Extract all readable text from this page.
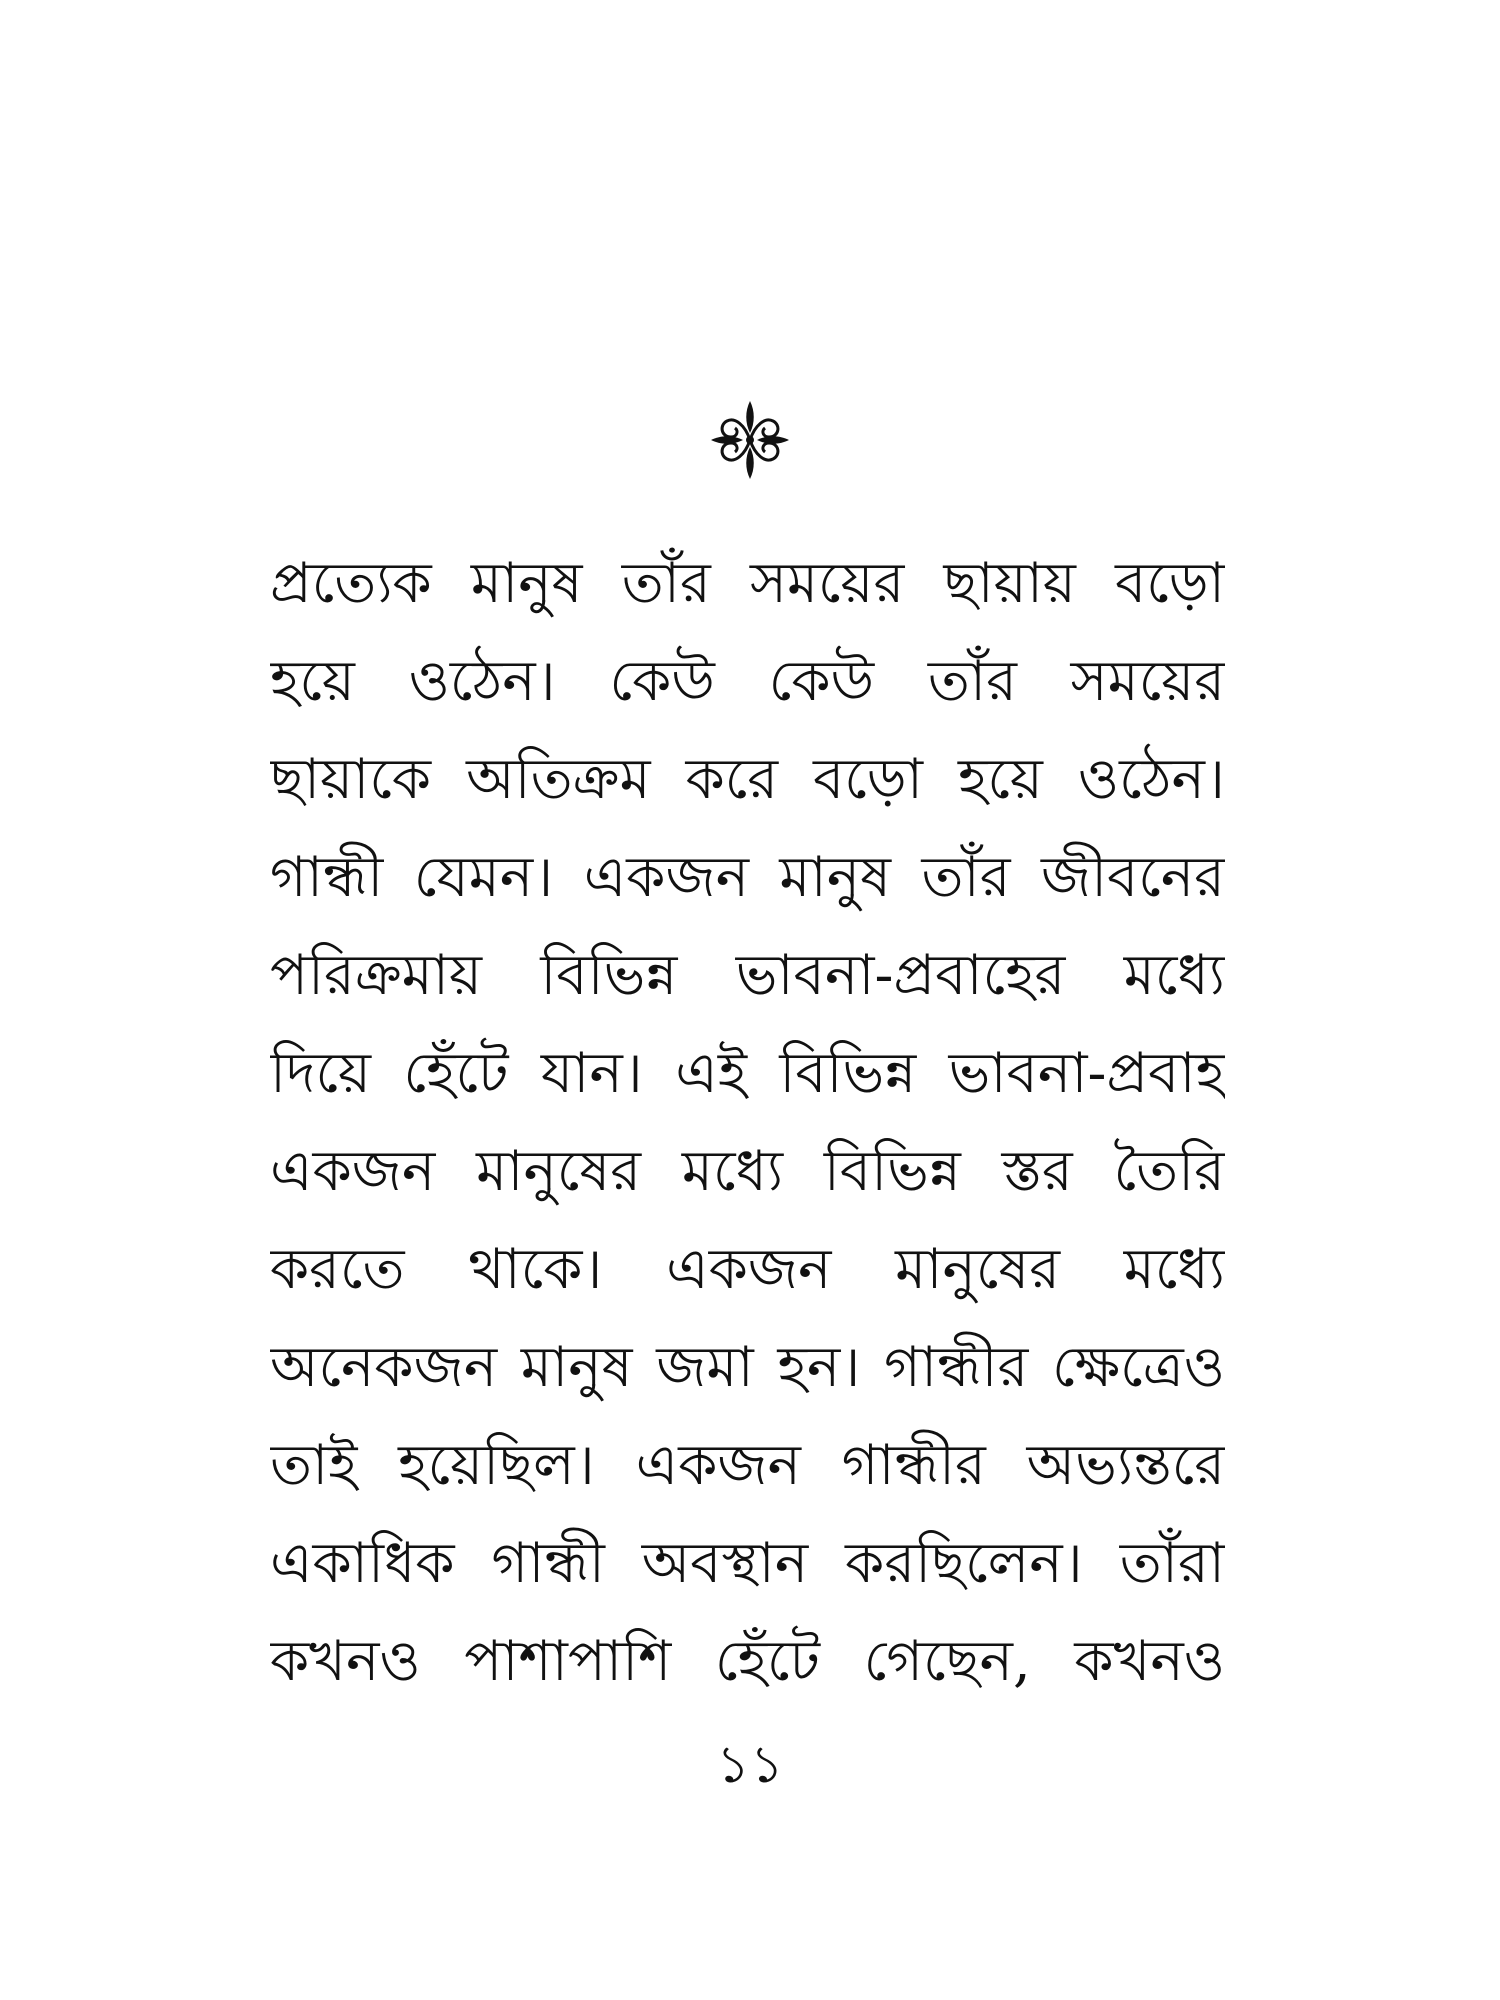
প্রত্যেক মানুষ তাঁর সময়ের ছায়ায় বড়ো
হয়ে ওঠেন। কেউ কেউ তাঁর সময়ের
ছায়াকে অতিক্রম করে বড়ো হয়ে ওঠেন।
গান্ধী যেমন। একজন মানুষ তাঁর জীবনের
পরিক্রমায় বিভিন্ন ভাবনা-প্রবাহের মধ্যে
দিয়ে হেঁটে যান। এই বিভিন্ন ভাবনা-প্রবাহ
একজন মানুষের মধ্যে বিভিন্ন স্তর তৈরি
করতে থাকে। একজন মানুষের মধ্যে
অনেকজন মানুষ জমা হন। গান্ধীর ক্ষেত্রেও
তাই হয়েছিল। একজন গান্ধীর অভ্যন্তরে
একাধিক গান্ধী অবস্থান করছিলেন। তাঁরা
কখনও পাশাপাশি হেঁটে গেছেন, কখনও
১১
